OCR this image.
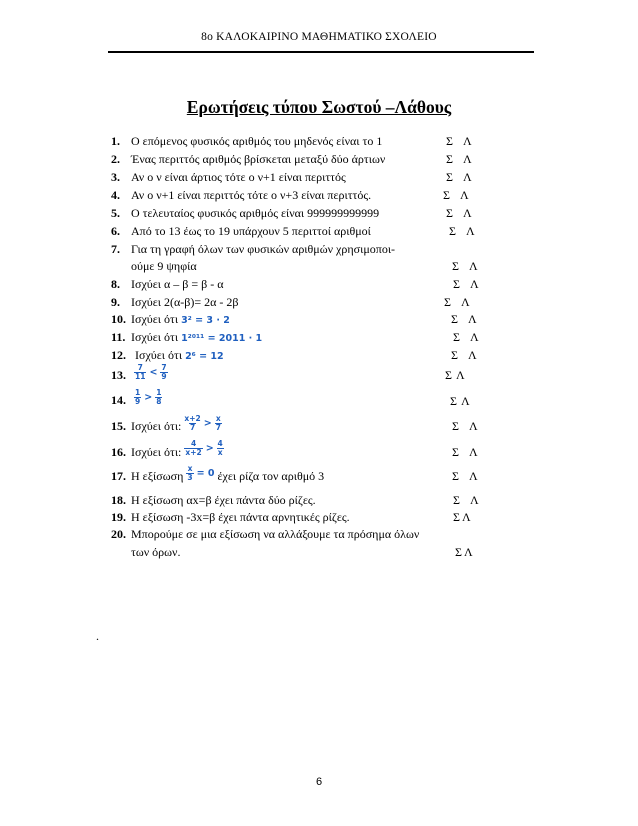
8ο ΚΑΛΟΚΑΙΡΙΝΟ ΜΑΘΗΜΑΤΙΚΟ ΣΧΟΛΕΙΟ
Ερωτήσεις τύπου Σωστού –Λάθους
1. Ο επόμενος φυσικός αριθμός του μηδενός είναι το 1	Σ Λ
2. Ένας περιττός αριθμός βρίσκεται μεταξύ δύο άρτιων	Σ Λ
3. Αν ο ν είναι άρτιος τότε ο ν+1 είναι περιττός	Σ Λ
4. Αν ο ν+1 είναι περιττός τότε ο ν+3 είναι περιττός.	Σ Λ
5. Ο τελευταίος φυσικός αριθμός είναι 999999999999	Σ Λ
6. Από το 13 έως το 19 υπάρχουν 5 περιττοί αριθμοί	Σ Λ
7. Για τη γραφή όλων των φυσικών αριθμών χρησιμοποι-
ούμε 9 ψηφία	Σ Λ
8. Ισχύει α – β = β - α	Σ Λ
9. Ισχύει 2(α-β)= 2α - 2β	Σ Λ
10. Ισχύει ότι 3² = 3 · 2	Σ Λ
11. Ισχύει ότι 1²⁰¹¹ = 2011 · 1	Σ Λ
12. Ισχύει ότι 2⁶ = 12	Σ Λ
13. $\frac{7}{11} < \frac{7}{9}$	Σ Λ
14. $\frac{1}{9} > \frac{1}{8}$	Σ Λ
15. Ισχύει ότι: $\frac{x+2}{7} > \frac{x}{7}$	Σ Λ
16. Ισχύει ότι: $\frac{4}{x+2} > \frac{4}{x}$	Σ Λ
17. Η εξίσωση $\frac{x}{3} = 0$ έχει ρίζα τον αριθμό 3	Σ Λ
18. Η εξίσωση αx=β έχει πάντα δύο ρίζες.	Σ Λ
19. Η εξίσωση -3x=β έχει πάντα αρνητικές ρίζες.	Σ Λ
20. Μπορούμε σε μια εξίσωση να αλλάξουμε τα πρόσημα όλων
των όρων.	Σ Λ
.
6
